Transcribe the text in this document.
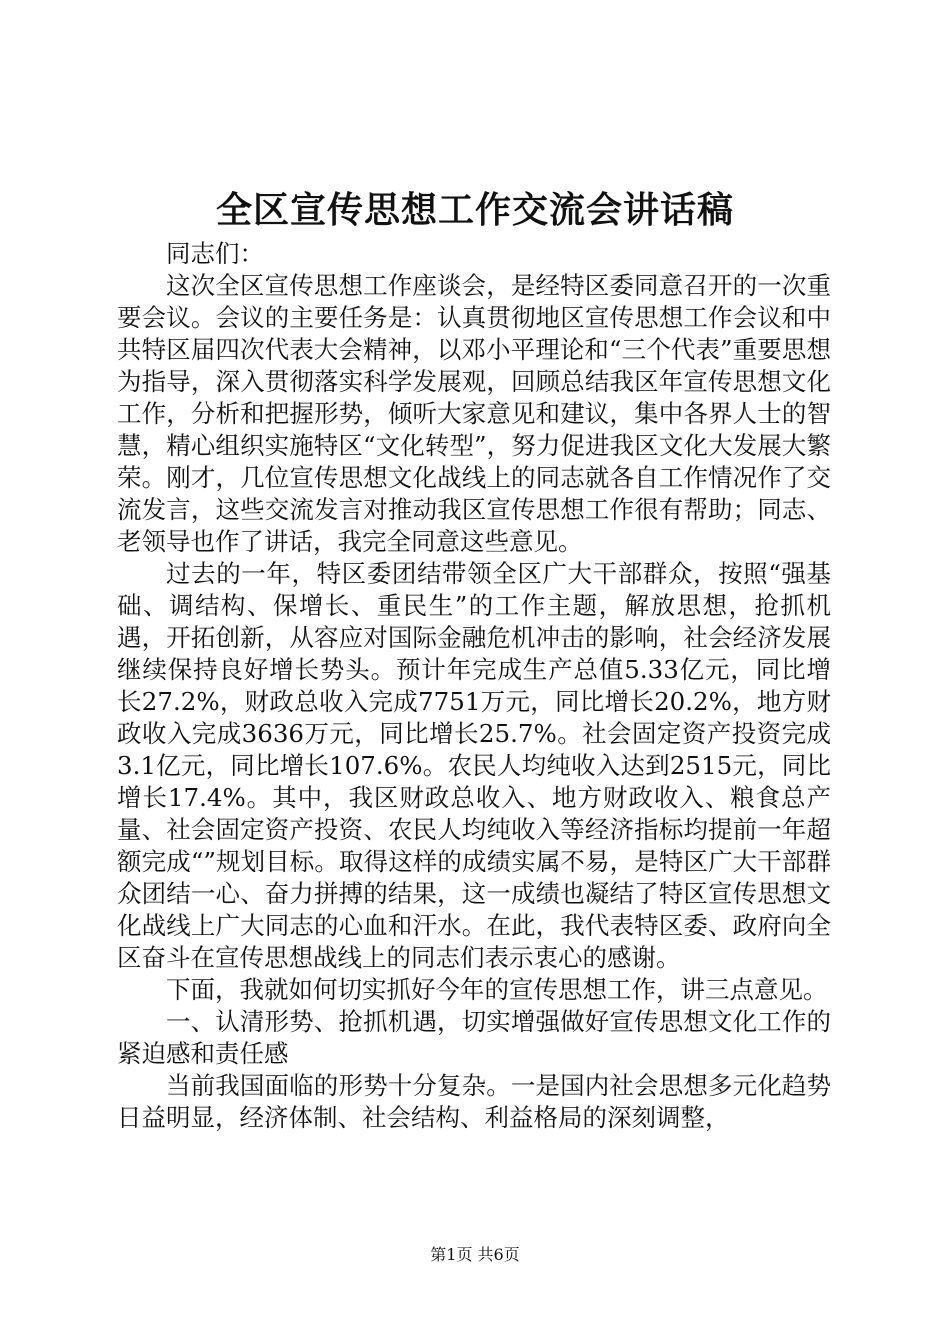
全区宣传思想工作交流会讲话稿

同志们：

这次全区宣传思想工作座谈会，是经特区委同意召开的一次重要会议。会议的主要任务是：认真贯彻地区宣传思想工作会议和中共特区届四次代表大会精神，以邓小平理论和“三个代表”重要思想为指导，深入贯彻落实科学发展观，回顾总结我区年宣传思想文化工作，分析和把握形势，倾听大家意见和建议，集中各界人士的智慧，精心组织实施特区“文化转型”，努力促进我区文化大发展大繁荣。刚才，几位宣传思想文化战线上的同志就各自工作情况作了交流发言，这些交流发言对推动我区宣传思想工作很有帮助；同志、老领导也作了讲话，我完全同意这些意见。

过去的一年，特区委团结带领全区广大干部群众，按照“强基础、调结构、保增长、重民生”的工作主题，解放思想，抢抓机遇，开拓创新，从容应对国际金融危机冲击的影响，社会经济发展继续保持良好增长势头。预计年完成生产总值5.33亿元，同比增长27.2%，财政总收入完成7751万元，同比增长20.2%，地方财政收入完成3636万元，同比增长25.7%。社会固定资产投资完成3.1亿元，同比增长107.6%。农民人均纯收入达到2515元，同比增长17.4%。其中，我区财政总收入、地方财政收入、粮食总产量、社会固定资产投资、农民人均纯收入等经济指标均提前一年超额完成“”规划目标。取得这样的成绩实属不易，是特区广大干部群众团结一心、奋力拼搏的结果，这一成绩也凝结了特区宣传思想文化战线上广大同志的心血和汗水。在此，我代表特区委、政府向全区奋斗在宣传思想战线上的同志们表示衷心的感谢。

下面，我就如何切实抓好今年的宣传思想工作，讲三点意见。

一、认清形势、抢抓机遇，切实增强做好宣传思想文化工作的紧迫感和责任感

当前我国面临的形势十分复杂。一是国内社会思想多元化趋势日益明显，经济体制、社会结构、利益格局的深刻调整，

第1页 共6页
